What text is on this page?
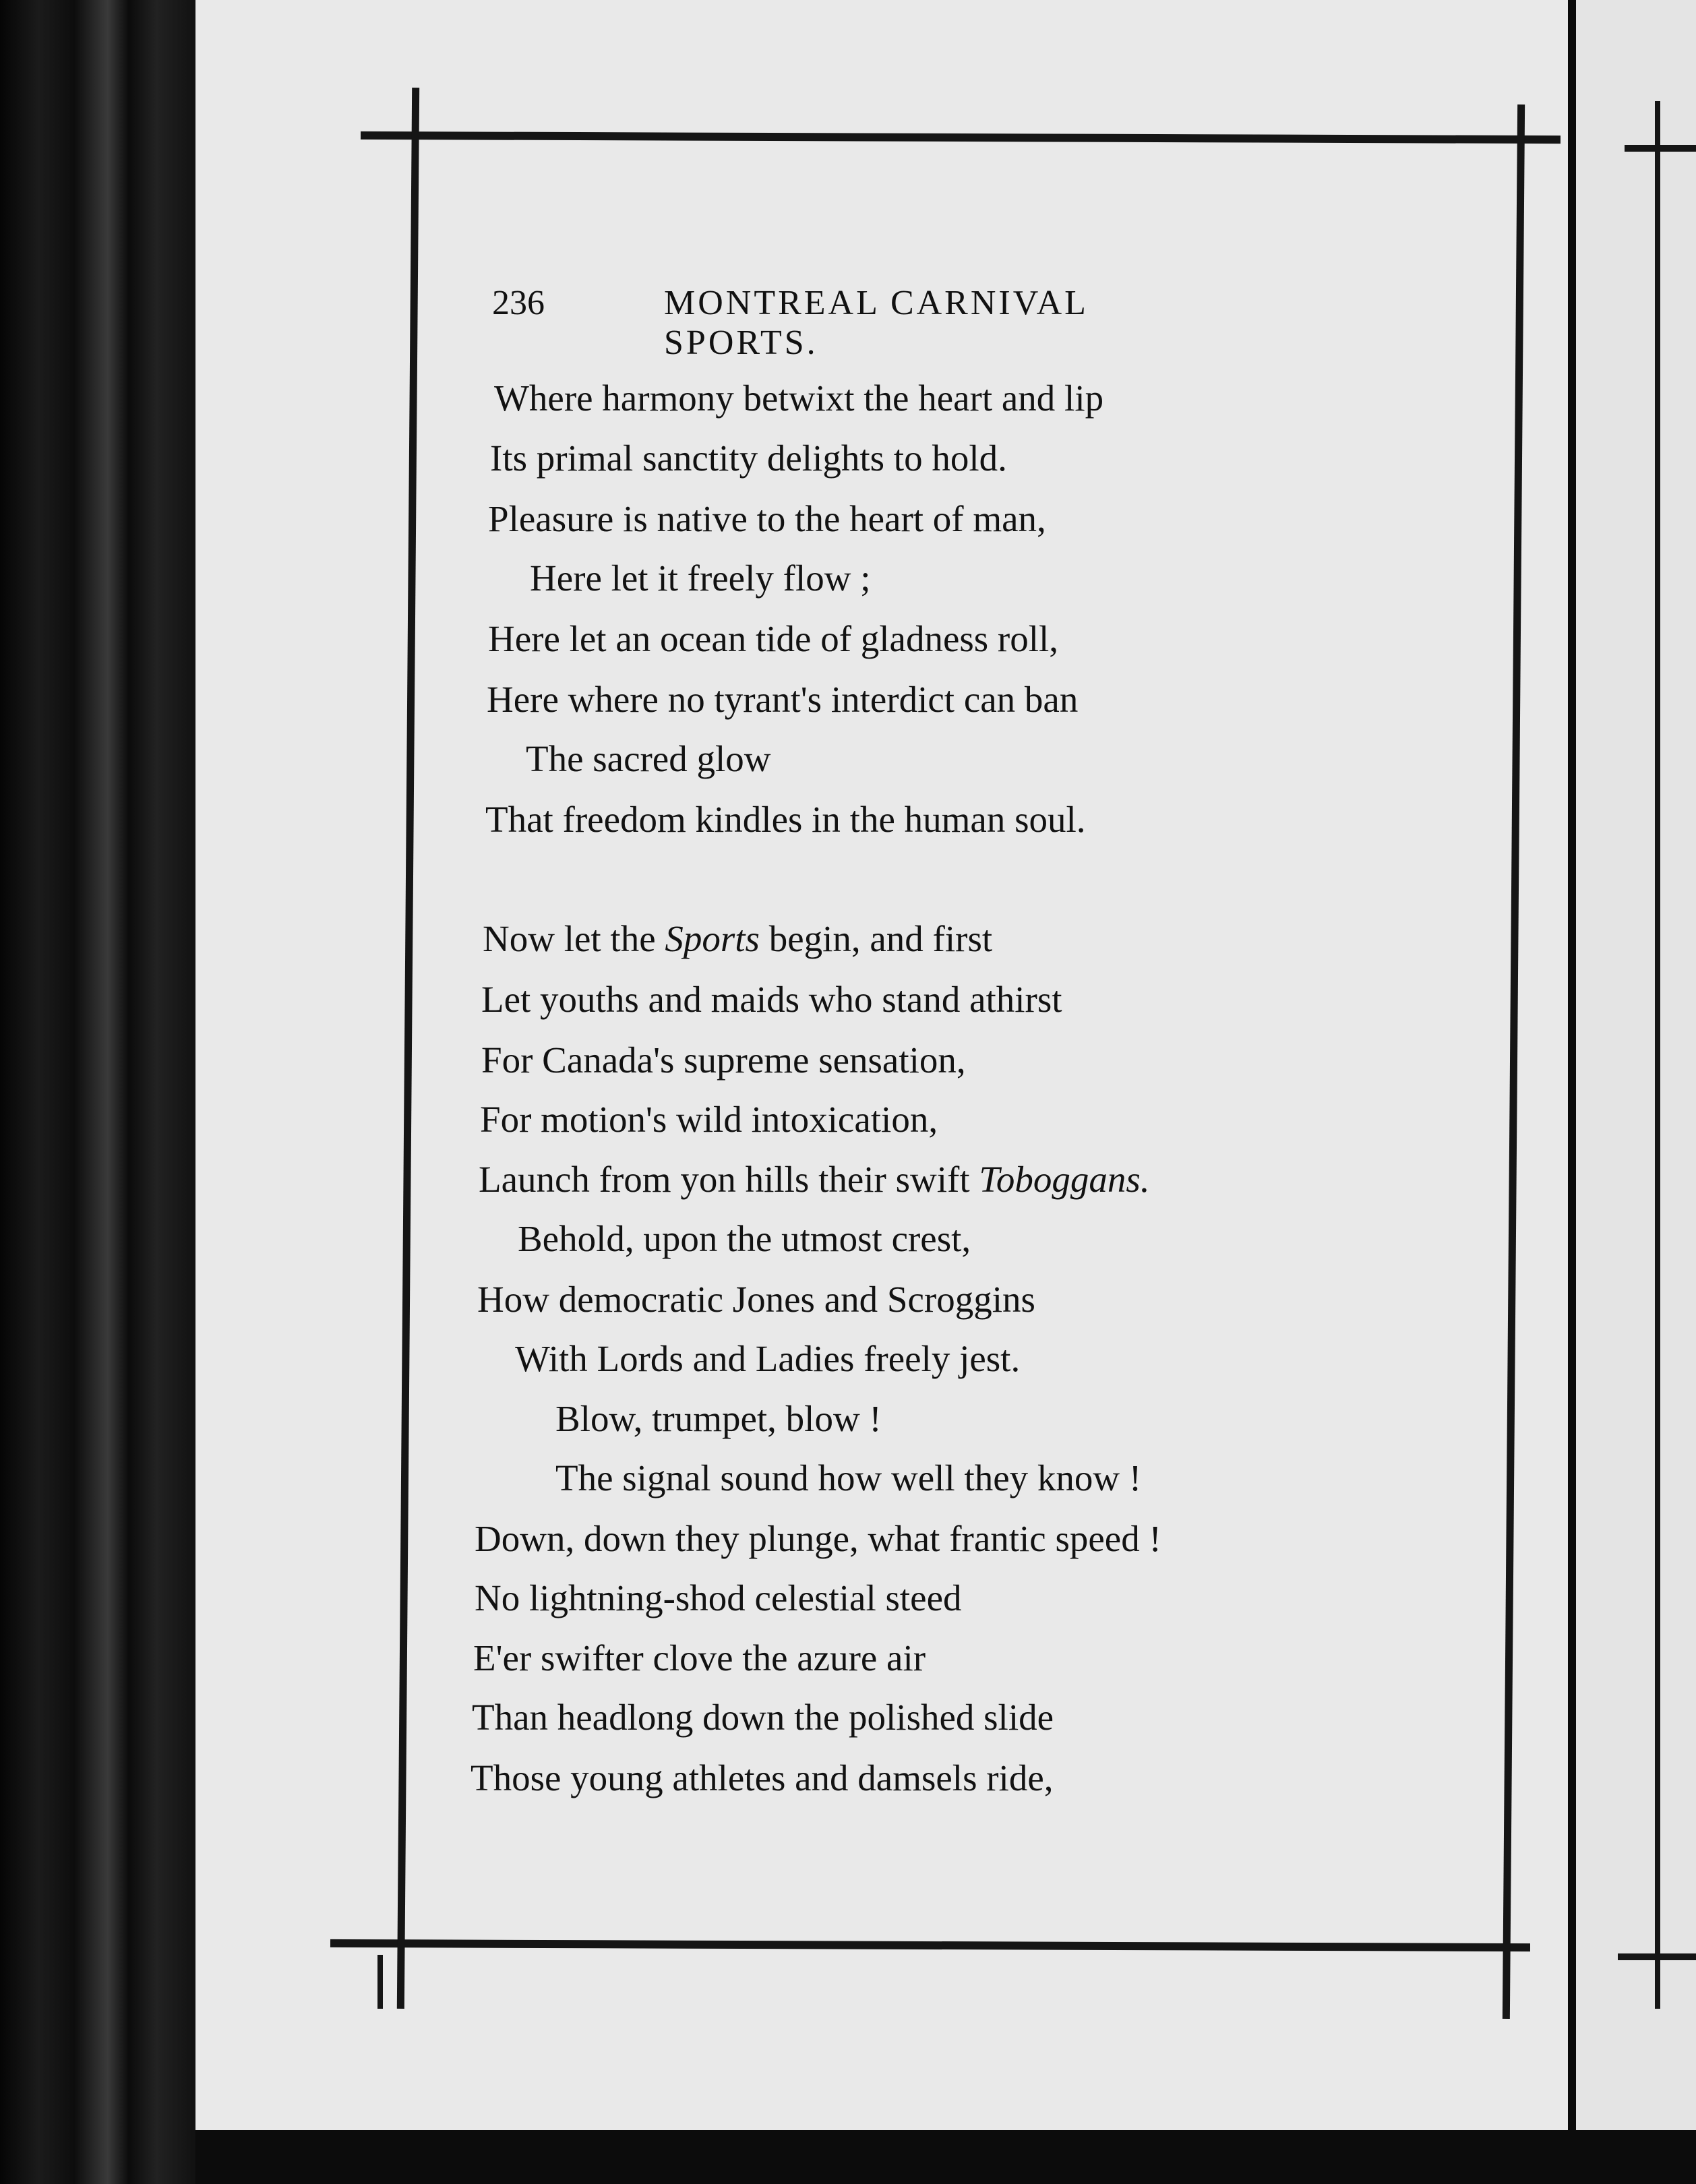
236	MONTREAL CARNIVAL SPORTS.
Where harmony betwixt the heart and lip
Its primal sanctity delights to hold.
Pleasure is native to the heart of man,
Here let it freely flow ;
Here let an ocean tide of gladness roll,
Here where no tyrant's interdict can ban
The sacred glow
That freedom kindles in the human soul.
Now let the Sports begin, and first
Let youths and maids who stand athirst
For Canada's supreme sensation,
For motion's wild intoxication,
Launch from yon hills their swift Toboggans.
Behold, upon the utmost crest,
How democratic Jones and Scroggins
With Lords and Ladies freely jest.
Blow, trumpet, blow !
The signal sound how well they know !
Down, down they plunge, what frantic speed !
No lightning-shod celestial steed
E'er swifter clove the azure air
Than headlong down the polished slide
Those young athletes and damsels ride,
